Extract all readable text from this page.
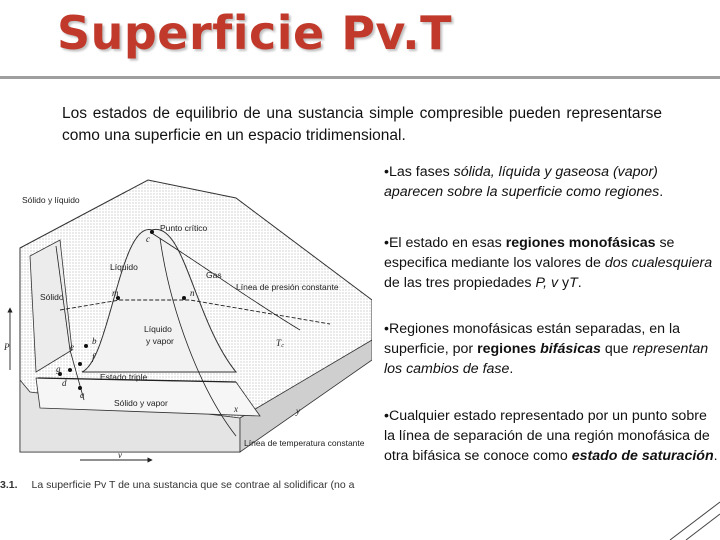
Superficie Pv.T

Los estados de equilibrio de una sustancia simple compresible pueden representarse como una superficie en un espacio tridimensional.

Sólido y líquido
Punto crítico
Líquido
Gas
Línea de presión constante
Sólido
Líquido
y vapor
Estado triple
Sólido y vapor
Línea de temperatura constante
T꜀
P
v
c
m	n
b
e
f
g
d
a
y
x
3.1. La superficie Pv T de una sustancia que se contrae al solidificar (no a
•Las fases sólida, líquida y gaseosa (vapor) aparecen sobre la superficie como regiones.
•El estado en esas regiones monofásicas se especifica mediante los valores de dos cualesquiera de las tres propiedades P, v yT.
•Regiones monofásicas están separadas, en la superficie, por regiones bifásicas que representan los cambios de fase.
•Cualquier estado representado por un punto sobre la línea de separación de una región monofásica de otra bifásica se conoce como estado de saturación.
